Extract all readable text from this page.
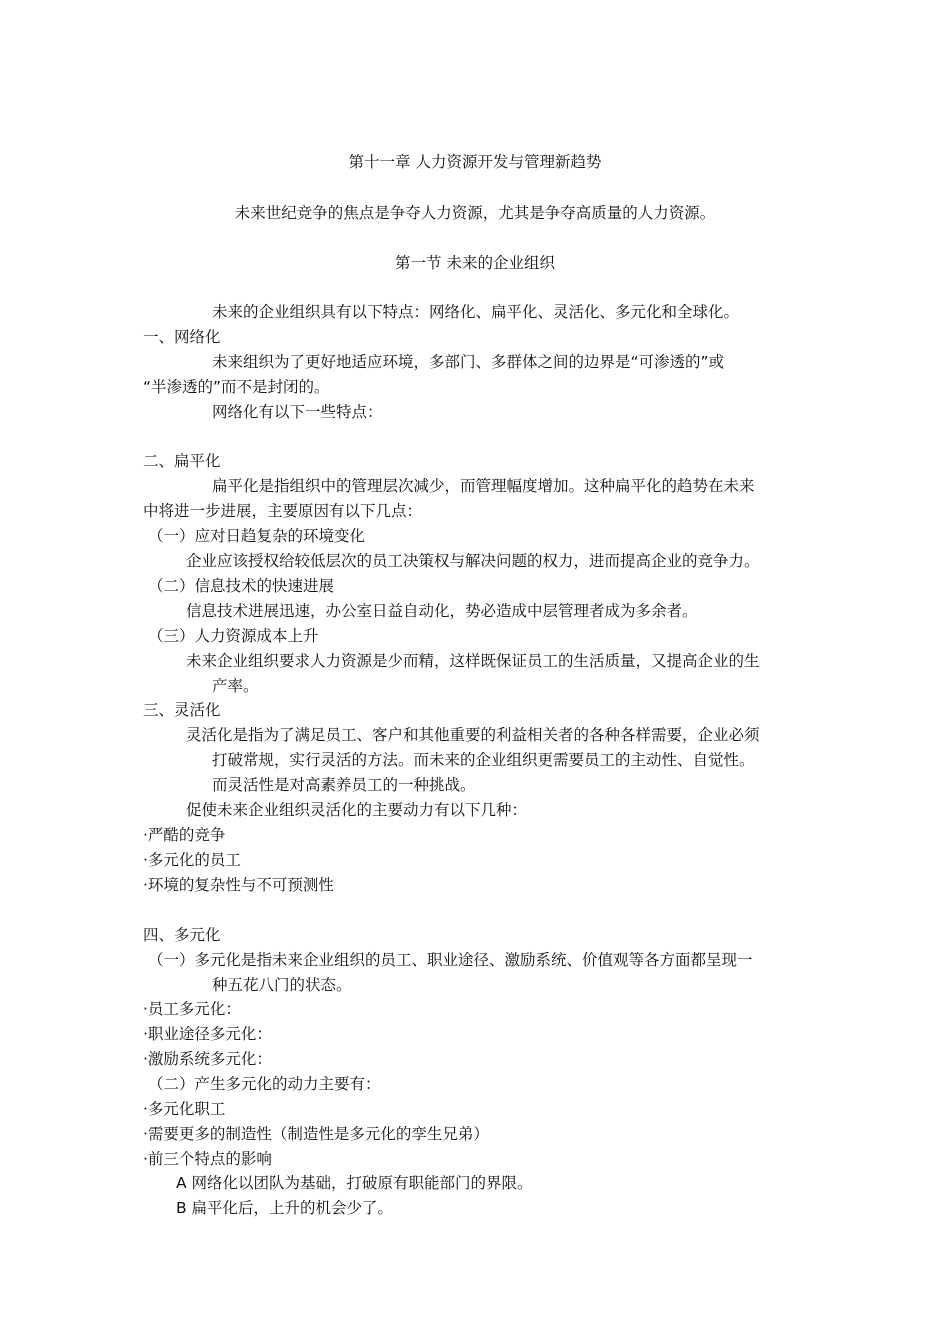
第十一章 人力资源开发与管理新趋势
未来世纪竞争的焦点是争夺人力资源，尤其是争夺高质量的人力资源。
第一节 未来的企业组织
未来的企业组织具有以下特点：网络化、扁平化、灵活化、多元化和全球化。
一、网络化
未来组织为了更好地适应环境，多部门、多群体之间的边界是“可渗透的”或
“半渗透的”而不是封闭的。
网络化有以下一些特点：
二、扁平化
扁平化是指组织中的管理层次减少，而管理幅度增加。这种扁平化的趋势在未来
中将进一步进展，主要原因有以下几点：
（一）应对日趋复杂的环境变化
企业应该授权给较低层次的员工决策权与解决问题的权力，进而提高企业的竞争力。
（二）信息技术的快速进展
信息技术进展迅速，办公室日益自动化，势必造成中层管理者成为多余者。
（三）人力资源成本上升
未来企业组织要求人力资源是少而精，这样既保证员工的生活质量，又提高企业的生
产率。
三、灵活化
灵活化是指为了满足员工、客户和其他重要的利益相关者的各种各样需要，企业必须
打破常规，实行灵活的方法。而未来的企业组织更需要员工的主动性、自觉性。
而灵活性是对高素养员工的一种挑战。
促使未来企业组织灵活化的主要动力有以下几种：
·严酷的竞争
·多元化的员工
·环境的复杂性与不可预测性
四、多元化
（一）多元化是指未来企业组织的员工、职业途径、激励系统、价值观等各方面都呈现一
种五花八门的状态。
·员工多元化：
·职业途径多元化：
·激励系统多元化：
（二）产生多元化的动力主要有：
·多元化职工
·需要更多的制造性（制造性是多元化的孪生兄弟）
·前三个特点的影响
A 网络化以团队为基础，打破原有职能部门的界限。
B 扁平化后，上升的机会少了。
